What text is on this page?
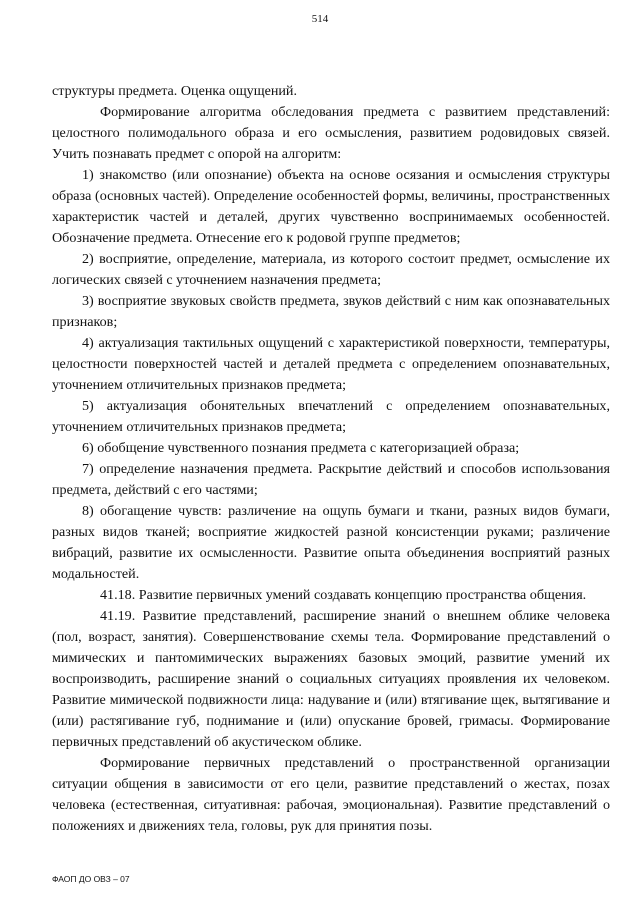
514

структуры предмета. Оценка ощущений.

Формирование алгоритма обследования предмета с развитием представлений: целостного полимодального образа и его осмысления, развитием родовидовых связей. Учить познавать предмет с опорой на алгоритм:

1) знакомство (или опознание) объекта на основе осязания и осмысления структуры образа (основных частей). Определение особенностей формы, величины, пространственных характеристик частей и деталей, других чувственно воспринимаемых особенностей. Обозначение предмета. Отнесение его к родовой группе предметов;

2) восприятие, определение, материала, из которого состоит предмет, осмысление их логических связей с уточнением назначения предмета;

3) восприятие звуковых свойств предмета, звуков действий с ним как опознавательных признаков;

4) актуализация тактильных ощущений с характеристикой поверхности, температуры, целостности поверхностей частей и деталей предмета с определением опознавательных, уточнением отличительных признаков предмета;

5) актуализация обонятельных впечатлений с определением опознавательных, уточнением отличительных признаков предмета;

6) обобщение чувственного познания предмета с категоризацией образа;

7) определение назначения предмета. Раскрытие действий и способов использования предмета, действий с его частями;

8) обогащение чувств: различение на ощупь бумаги и ткани, разных видов бумаги, разных видов тканей; восприятие жидкостей разной консистенции руками; различение вибраций, развитие их осмысленности. Развитие опыта объединения восприятий разных модальностей.

41.18. Развитие первичных умений создавать концепцию пространства общения.

41.19. Развитие представлений, расширение знаний о внешнем облике человека (пол, возраст, занятия). Совершенствование схемы тела. Формирование представлений о мимических и пантомимических выражениях базовых эмоций, развитие умений их воспроизводить, расширение знаний о социальных ситуациях проявления их человеком. Развитие мимической подвижности лица: надувание и (или) втягивание щек, вытягивание и (или) растягивание губ, поднимание и (или) опускание бровей, гримасы. Формирование первичных представлений об акустическом облике.

Формирование первичных представлений о пространственной организации ситуации общения в зависимости от его цели, развитие представлений о жестах, позах человека (естественная, ситуативная: рабочая, эмоциональная). Развитие представлений о положениях и движениях тела, головы, рук для принятия позы.

ФАОП ДО ОВЗ – 07
